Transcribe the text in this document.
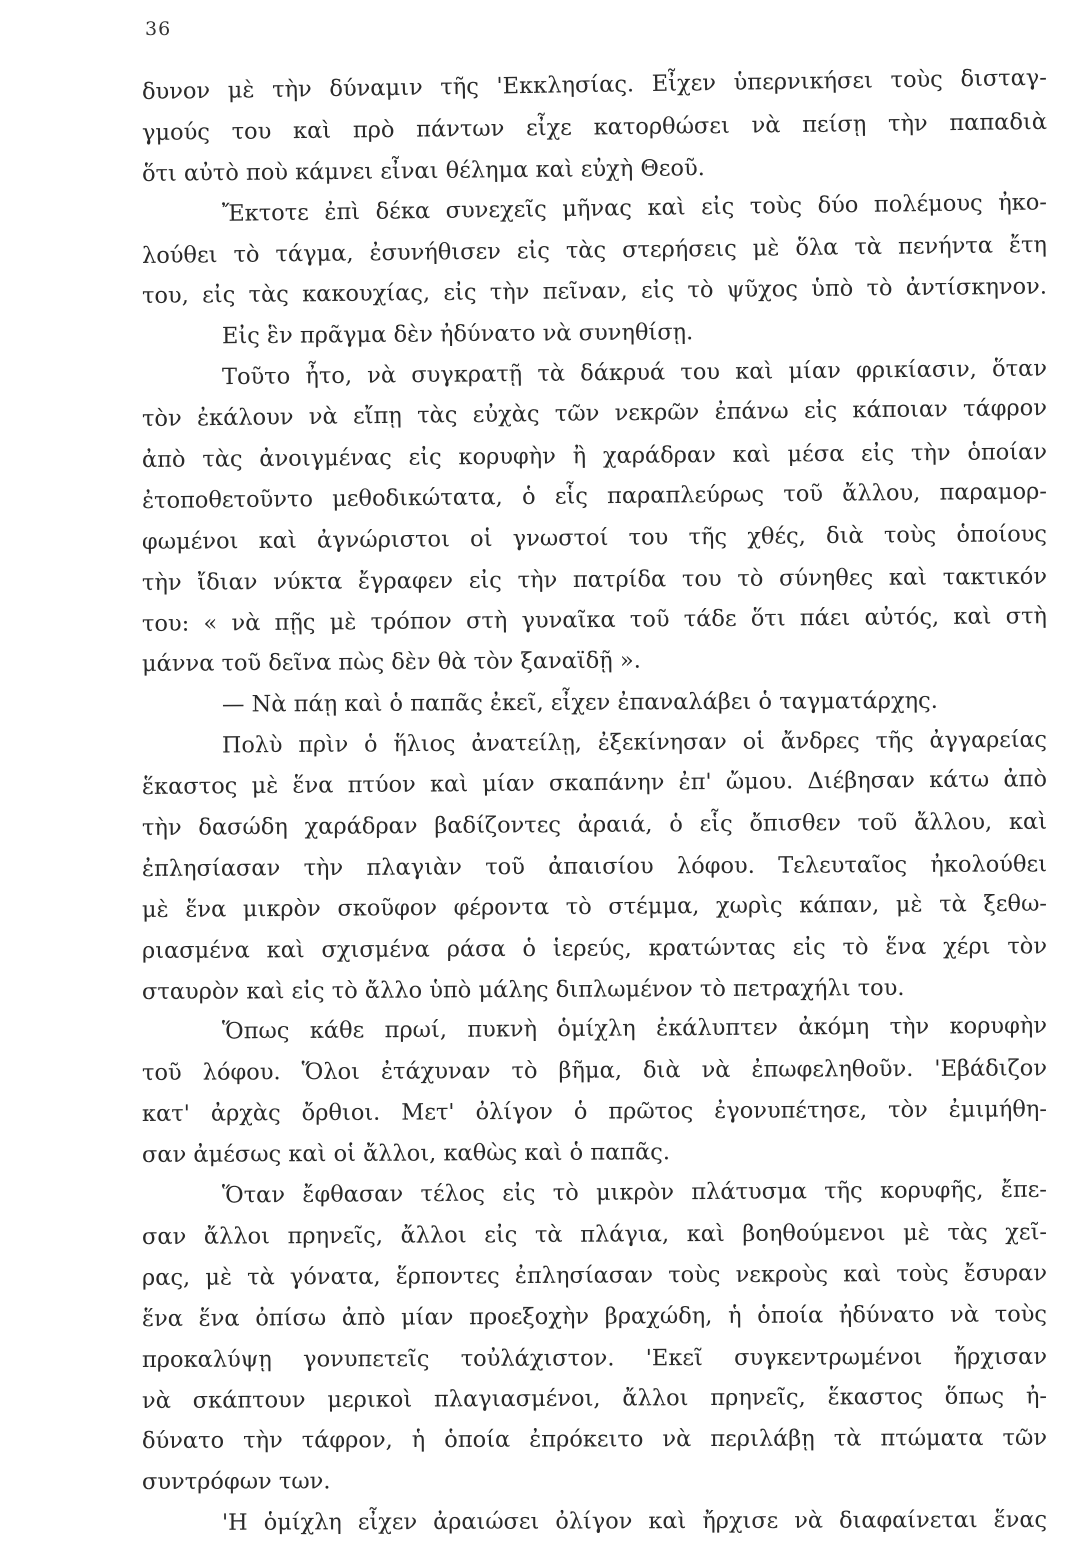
36
δυνον μὲ τὴν δύναμιν τῆς 'Εκκλησίας. Εἶχεν ὑπερνικήσει τοὺς δισταγ-
γμούς του καὶ πρὸ πάντων εἶχε κατορθώσει νὰ πείσῃ τὴν παπαδιὰ
ὅτι αὐτὸ ποὺ κάμνει εἶναι θέλημα καὶ εὐχὴ Θεοῦ.
Ἔκτοτε ἐπὶ δέκα συνεχεῖς μῆνας καὶ εἰς τοὺς δύο πολέμους ἠκο-
λούθει τὸ τάγμα, ἐσυνήθισεν εἰς τὰς στερήσεις μὲ ὅλα τὰ πενήντα ἔτη
του, εἰς τὰς κακουχίας, εἰς τὴν πεῖναν, εἰς τὸ ψῦχος ὑπὸ τὸ ἀντίσκηνον.
Εἰς ἓν πρᾶγμα δὲν ἠδύνατο νὰ συνηθίσῃ.
Τοῦτο ἦτο, νὰ συγκρατῇ τὰ δάκρυά του καὶ μίαν φρικίασιν, ὅταν
τὸν ἐκάλουν νὰ εἴπῃ τὰς εὐχὰς τῶν νεκρῶν ἐπάνω εἰς κάποιαν τάφρον
ἀπὸ τὰς ἀνοιγμένας εἰς κορυφὴν ἢ χαράδραν καὶ μέσα εἰς τὴν ὁποίαν
ἐτοποθετοῦντο μεθοδικώτατα, ὁ εἷς παραπλεύρως τοῦ ἄλλου, παραμορ-
φωμένοι καὶ ἀγνώριστοι οἱ γνωστοί του τῆς χθές, διὰ τοὺς ὁποίους
τὴν ἴδιαν νύκτα ἔγραφεν εἰς τὴν πατρίδα του τὸ σύνηθες καὶ τακτικόν
του: « νὰ πῇς μὲ τρόπον στὴ γυναῖκα τοῦ τάδε ὅτι πάει αὐτός, καὶ στὴ
μάννα τοῦ δεῖνα πὼς δὲν θὰ τὸν ξαναϊδῇ ».
— Νὰ πάῃ καὶ ὁ παπᾶς ἐκεῖ, εἶχεν ἐπαναλάβει ὁ ταγματάρχης.
Πολὺ πρὶν ὁ ἥλιος ἀνατείλῃ, ἐξεκίνησαν οἱ ἄνδρες τῆς ἀγγαρείας
ἕκαστος μὲ ἕνα πτύον καὶ μίαν σκαπάνην ἐπ' ὤμου. Διέβησαν κάτω ἀπὸ
τὴν δασώδη χαράδραν βαδίζοντες ἀραιά, ὁ εἷς ὄπισθεν τοῦ ἄλλου, καὶ
ἐπλησίασαν τὴν πλαγιὰν τοῦ ἀπαισίου λόφου. Τελευταῖος ἠκολούθει
μὲ ἕνα μικρὸν σκοῦφον φέροντα τὸ στέμμα, χωρὶς κάπαν, μὲ τὰ ξεθω-
ριασμένα καὶ σχισμένα ράσα ὁ ἱερεύς, κρατώντας εἰς τὸ ἕνα χέρι τὸν
σταυρὸν καὶ εἰς τὸ ἄλλο ὑπὸ μάλης διπλωμένον τὸ πετραχήλι του.
Ὅπως κάθε πρωί, πυκνὴ ὁμίχλη ἐκάλυπτεν ἀκόμη τὴν κορυφὴν
τοῦ λόφου. Ὅλοι ἐτάχυναν τὸ βῆμα, διὰ νὰ ἐπωφεληθοῦν. 'Εβάδιζον
κατ' ἀρχὰς ὄρθιοι. Μετ' ὀλίγον ὁ πρῶτος ἐγονυπέτησε, τὸν ἐμιμήθη-
σαν ἀμέσως καὶ οἱ ἄλλοι, καθὼς καὶ ὁ παπᾶς.
Ὅταν ἔφθασαν τέλος εἰς τὸ μικρὸν πλάτυσμα τῆς κορυφῆς, ἔπε-
σαν ἄλλοι πρηνεῖς, ἄλλοι εἰς τὰ πλάγια, καὶ βοηθούμενοι μὲ τὰς χεῖ-
ρας, μὲ τὰ γόνατα, ἕρποντες ἐπλησίασαν τοὺς νεκροὺς καὶ τοὺς ἔσυραν
ἕνα ἕνα ὀπίσω ἀπὸ μίαν προεξοχὴν βραχώδη, ἡ ὁποία ἠδύνατο νὰ τοὺς
προκαλύψῃ γονυπετεῖς τοὐλάχιστον. 'Εκεῖ συγκεντρωμένοι ἤρχισαν
νὰ σκάπτουν μερικοὶ πλαγιασμένοι, ἄλλοι πρηνεῖς, ἕκαστος ὅπως ἠ-
δύνατο τὴν τάφρον, ἡ ὁποία ἐπρόκειτο νὰ περιλάβῃ τὰ πτώματα τῶν
συντρόφων των.
'Η ὁμίχλη εἶχεν ἀραιώσει ὀλίγον καὶ ἤρχισε νὰ διαφαίνεται ἕνας
